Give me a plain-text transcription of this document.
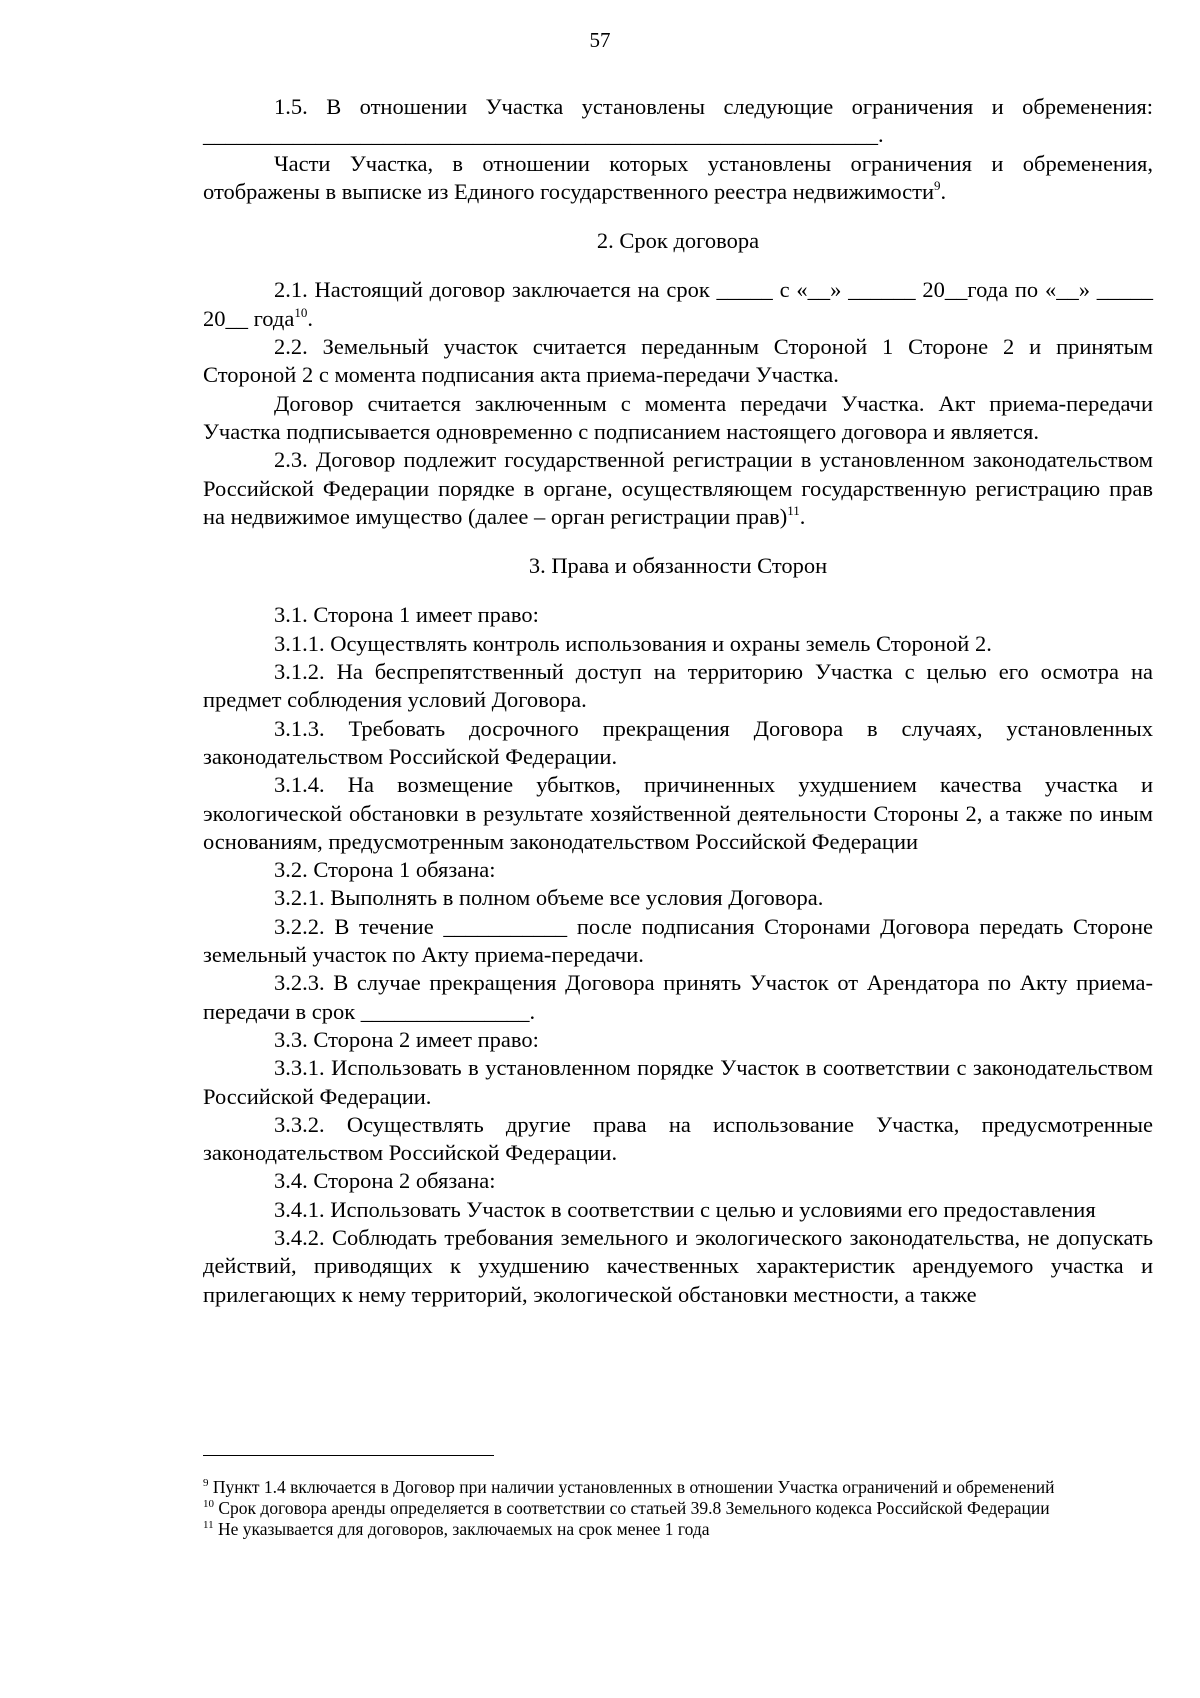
57

1.5. В отношении Участка установлены следующие ограничения и обременения: ____________________________________________________________.

Части Участка, в отношении которых установлены ограничения и обременения, отображены в выписке из Единого государственного реестра недвижимости$^9$.

2. Срок договора

2.1. Настоящий договор заключается на срок _____ с «__» ______ 20__года по «__» _____ 20__ года$^{10}$.

2.2. Земельный участок считается переданным Стороной 1 Стороне 2 и принятым Стороной 2 с момента подписания акта приема-передачи Участка.

Договор считается заключенным с момента передачи Участка. Акт приема-передачи Участка подписывается одновременно с подписанием настоящего договора и является.

2.3. Договор подлежит государственной регистрации в установленном законодательством Российской Федерации порядке в органе, осуществляющем государственную регистрацию прав на недвижимое имущество (далее – орган регистрации прав)$^{11}$.

3. Права и обязанности Сторон

3.1. Сторона 1 имеет право:

3.1.1. Осуществлять контроль использования и охраны земель Стороной 2.

3.1.2. На беспрепятственный доступ на территорию Участка с целью его осмотра на предмет соблюдения условий Договора.

3.1.3. Требовать досрочного прекращения Договора в случаях, установленных законодательством Российской Федерации.

3.1.4. На возмещение убытков, причиненных ухудшением качества участка и экологической обстановки в результате хозяйственной деятельности Стороны 2, а также по иным основаниям, предусмотренным законодательством Российской Федерации

3.2. Сторона 1 обязана:

3.2.1. Выполнять в полном объеме все условия Договора.

3.2.2. В течение ___________ после подписания Сторонами Договора передать Стороне земельный участок по Акту приема-передачи.

3.2.3. В случае прекращения Договора принять Участок от Арендатора по Акту приема-передачи в срок _______________.

3.3. Сторона 2 имеет право:

3.3.1. Использовать в установленном порядке Участок в соответствии с законодательством Российской Федерации.

3.3.2. Осуществлять другие права на использование Участка, предусмотренные законодательством Российской Федерации.

3.4. Сторона 2 обязана:

3.4.1. Использовать Участок в соответствии с целью и условиями его предоставления

3.4.2. Соблюдать требования земельного и экологического законодательства, не допускать действий, приводящих к ухудшению качественных характеристик арендуемого участка и прилегающих к нему территорий, экологической обстановки местности, а также

$^9$ Пункт 1.4 включается в Договор при наличии установленных в отношении Участка ограничений и обременений

$^{10}$ Срок договора аренды определяется в соответствии со статьей 39.8 Земельного кодекса Российской Федерации

$^{11}$ Не указывается для договоров, заключаемых на срок менее 1 года
